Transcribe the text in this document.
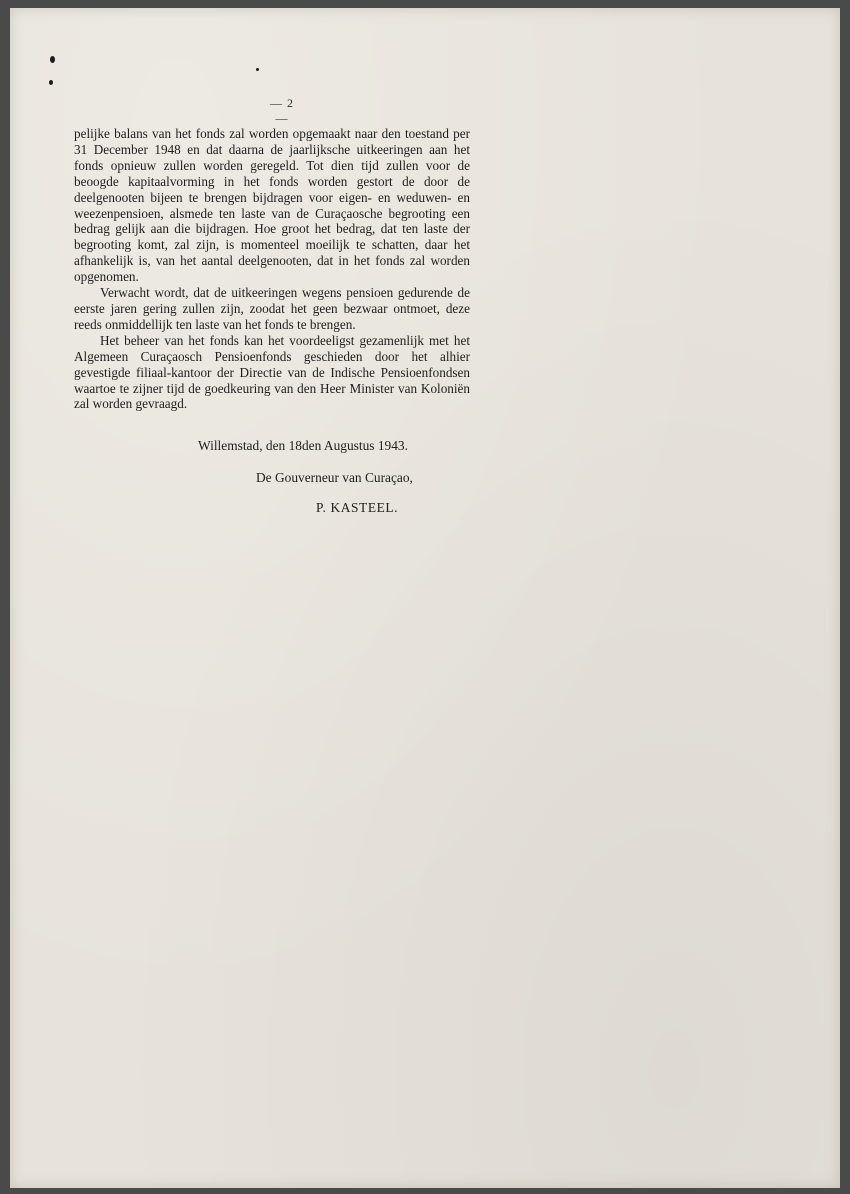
— 2 —

pelijke balans van het fonds zal worden opgemaakt naar den toestand per 31 December 1948 en dat daarna de jaarlijksche uitkeeringen aan het fonds opnieuw zullen worden geregeld. Tot dien tijd zullen voor de beoogde kapitaalvorming in het fonds worden gestort de door de deelgenooten bijeen te brengen bijdragen voor eigen- en weduwen- en weezenpensioen, alsmede ten laste van de Curaçaosche begrooting een bedrag gelijk aan die bijdragen. Hoe groot het bedrag, dat ten laste der begrooting komt, zal zijn, is momenteel moeilijk te schatten, daar het afhankelijk is, van het aantal deelgenooten, dat in het fonds zal worden opgenomen.

Verwacht wordt, dat de uitkeeringen wegens pensioen gedurende de eerste jaren gering zullen zijn, zoodat het geen bezwaar ontmoet, deze reeds onmiddellijk ten laste van het fonds te brengen.

Het beheer van het fonds kan het voordeeligst gezamenlijk met het Algemeen Curaçaosch Pensioenfonds geschieden door het alhier gevestigde filiaal-kantoor der Directie van de Indische Pensioenfondsen waartoe te zijner tijd de goedkeuring van den Heer Minister van Koloniën zal worden gevraagd.

Willemstad, den 18den Augustus 1943.
De Gouverneur van Curaçao,
P. KASTEEL.
